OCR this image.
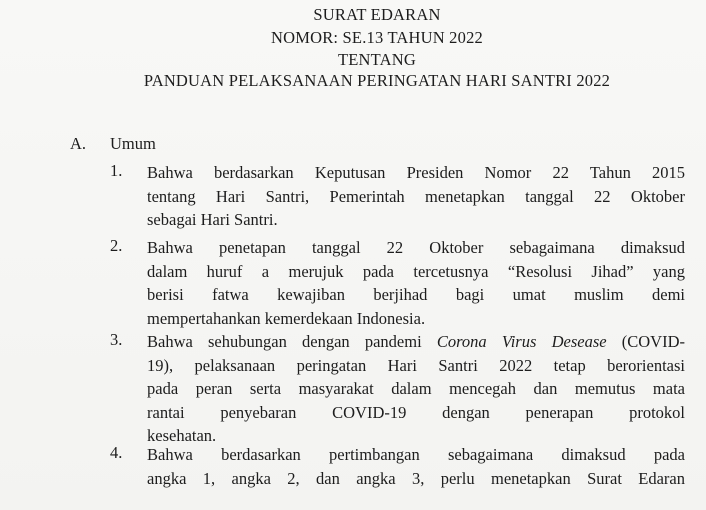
SURAT EDARAN
NOMOR: SE.13 TAHUN 2022
TENTANG
PANDUAN PELAKSANAAN PERINGATAN HARI SANTRI 2022
A. Umum
1. Bahwa berdasarkan Keputusan Presiden Nomor 22 Tahun 2015
tentang Hari Santri, Pemerintah menetapkan tanggal 22 Oktober
sebagai Hari Santri.
2. Bahwa penetapan tanggal 22 Oktober sebagaimana dimaksud
dalam huruf a merujuk pada tercetusnya “Resolusi Jihad” yang
berisi fatwa kewajiban berjihad bagi umat muslim demi
mempertahankan kemerdekaan Indonesia.
3. Bahwa sehubungan dengan pandemi Corona Virus Desease (COVID-
19), pelaksanaan peringatan Hari Santri 2022 tetap berorientasi
pada peran serta masyarakat dalam mencegah dan memutus mata
rantai penyebaran COVID-19 dengan penerapan protokol
kesehatan.
4. Bahwa berdasarkan pertimbangan sebagaimana dimaksud pada
angka 1, angka 2, dan angka 3, perlu menetapkan Surat Edaran
